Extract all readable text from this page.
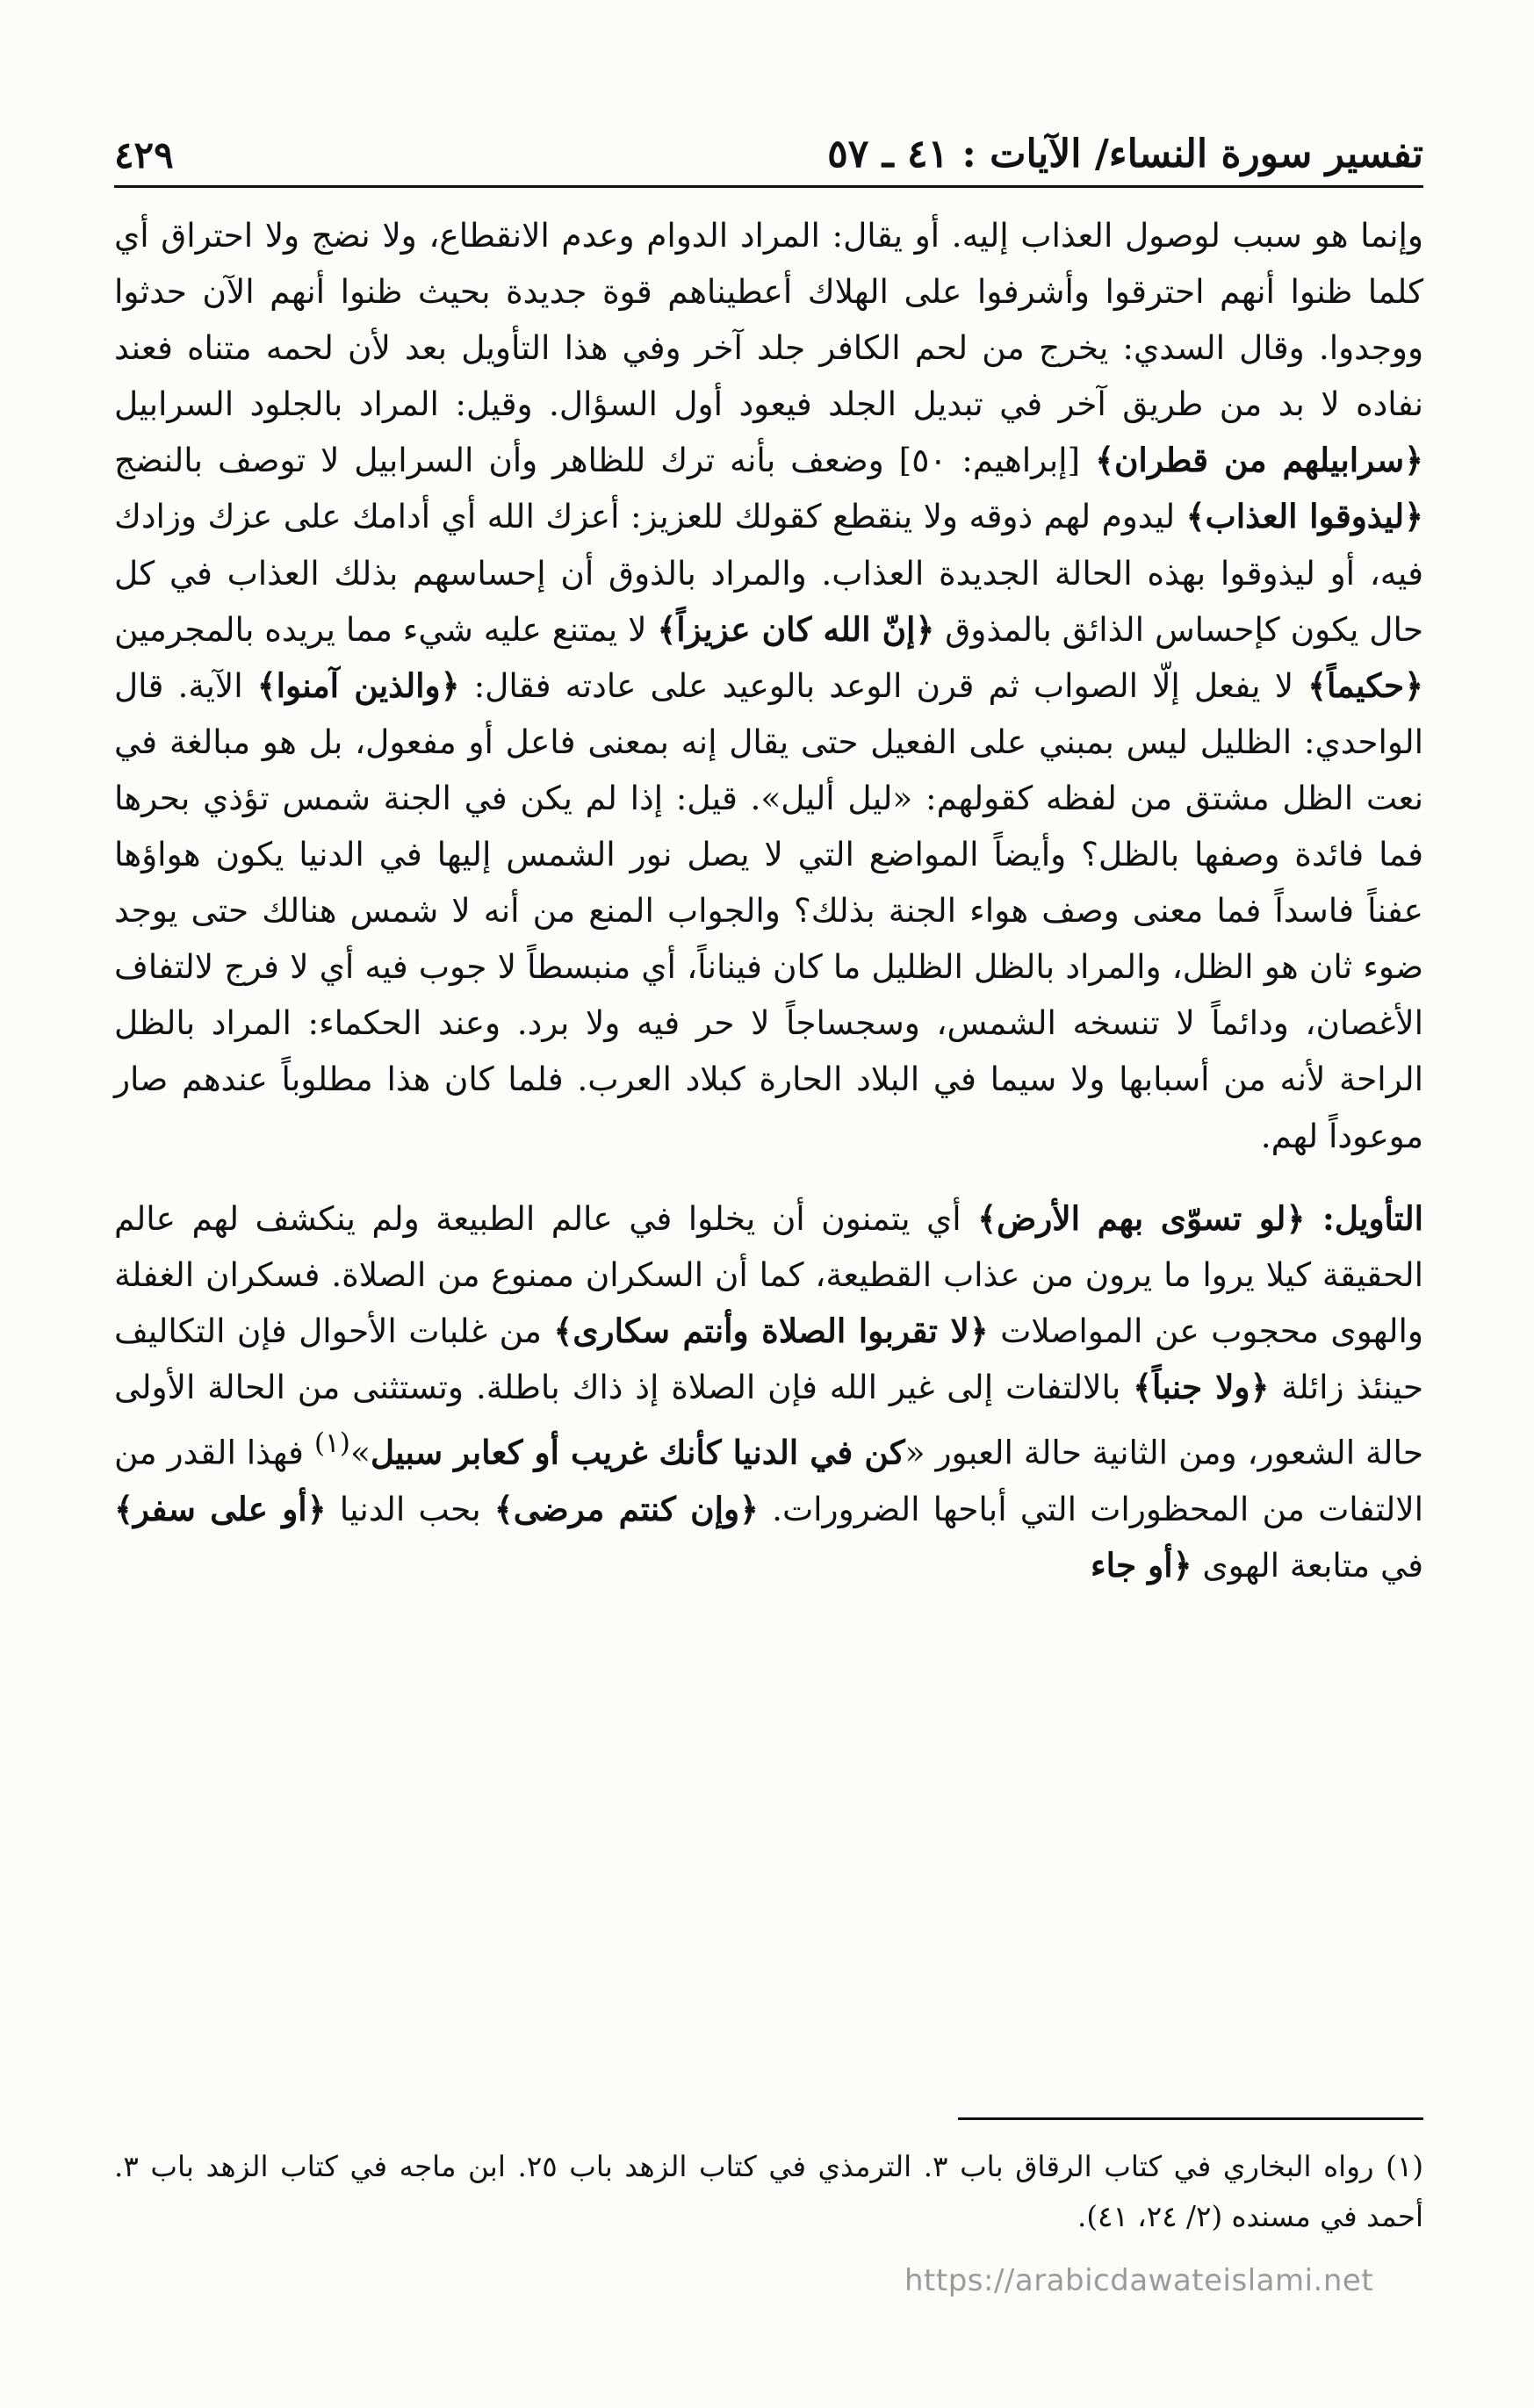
تفسير سورة النساء/ الآيات : ٤١ ـ ٥٧
٤٢٩

وإنما هو سبب لوصول العذاب إليه. أو يقال: المراد الدوام وعدم الانقطاع، ولا نضج ولا احتراق أي كلما ظنوا أنهم احترقوا وأشرفوا على الهلاك أعطيناهم قوة جديدة بحيث ظنوا أنهم الآن حدثوا ووجدوا. وقال السدي: يخرج من لحم الكافر جلد آخر وفي هذا التأويل بعد لأن لحمه متناه فعند نفاده لا بد من طريق آخر في تبديل الجلد فيعود أول السؤال. وقيل: المراد بالجلود السرابيل ﴿سرابيلهم من قطران﴾ [إبراهيم: ٥٠] وضعف بأنه ترك للظاهر وأن السرابيل لا توصف بالنضج ﴿ليذوقوا العذاب﴾ ليدوم لهم ذوقه ولا ينقطع كقولك للعزيز: أعزك الله أي أدامك على عزك وزادك فيه، أو ليذوقوا بهذه الحالة الجديدة العذاب. والمراد بالذوق أن إحساسهم بذلك العذاب في كل حال يكون كإحساس الذائق بالمذوق ﴿إنّ الله كان عزيزاً﴾ لا يمتنع عليه شيء مما يريده بالمجرمين ﴿حكيماً﴾ لا يفعل إلّا الصواب ثم قرن الوعد بالوعيد على عادته فقال: ﴿والذين آمنوا﴾ الآية. قال الواحدي: الظليل ليس بمبني على الفعيل حتى يقال إنه بمعنى فاعل أو مفعول، بل هو مبالغة في نعت الظل مشتق من لفظه كقولهم: «ليل أليل». قيل: إذا لم يكن في الجنة شمس تؤذي بحرها فما فائدة وصفها بالظل؟ وأيضاً المواضع التي لا يصل نور الشمس إليها في الدنيا يكون هواؤها عفناً فاسداً فما معنى وصف هواء الجنة بذلك؟ والجواب المنع من أنه لا شمس هنالك حتى يوجد ضوء ثان هو الظل، والمراد بالظل الظليل ما كان فيناناً، أي منبسطاً لا جوب فيه أي لا فرج لالتفاف الأغصان، ودائماً لا تنسخه الشمس، وسجساجاً لا حر فيه ولا برد. وعند الحكماء: المراد بالظل الراحة لأنه من أسبابها ولا سيما في البلاد الحارة كبلاد العرب. فلما كان هذا مطلوباً عندهم صار موعوداً لهم.

التأويل: ﴿لو تسوّى بهم الأرض﴾ أي يتمنون أن يخلوا في عالم الطبيعة ولم ينكشف لهم عالم الحقيقة كيلا يروا ما يرون من عذاب القطيعة، كما أن السكران ممنوع من الصلاة. فسكران الغفلة والهوى محجوب عن المواصلات ﴿لا تقربوا الصلاة وأنتم سكارى﴾ من غلبات الأحوال فإن التكاليف حينئذ زائلة ﴿ولا جنباً﴾ بالالتفات إلى غير الله فإن الصلاة إذ ذاك باطلة. وتستثنى من الحالة الأولى حالة الشعور، ومن الثانية حالة العبور «كن في الدنيا كأنك غريب أو كعابر سبيل»$^{(١)}$ فهذا القدر من الالتفات من المحظورات التي أباحها الضرورات. ﴿وإن كنتم مرضى﴾ بحب الدنيا ﴿أو على سفر﴾ في متابعة الهوى ﴿أو جاء

(١) رواه البخاري في كتاب الرقاق باب ٣. الترمذي في كتاب الزهد باب ٢٥. ابن ماجه في كتاب الزهد باب ٣. أحمد في مسنده (٢/ ٢٤، ٤١).

https://arabicdawateislami.net
